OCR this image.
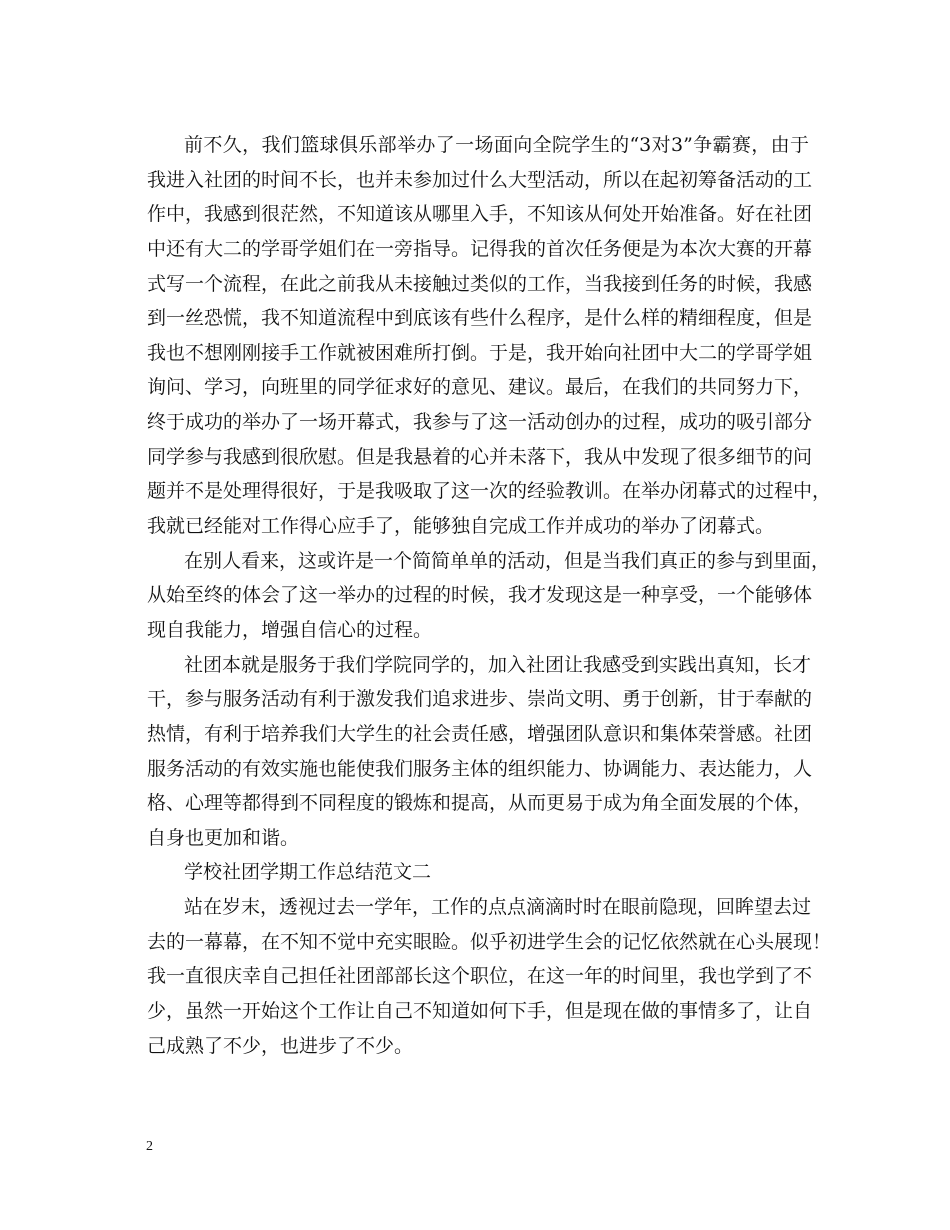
前不久，我们篮球俱乐部举办了一场面向全院学生的“3对3”争霸赛，由于
我进入社团的时间不长，也并未参加过什么大型活动，所以在起初筹备活动的工
作中，我感到很茫然，不知道该从哪里入手，不知该从何处开始准备。好在社团
中还有大二的学哥学姐们在一旁指导。记得我的首次任务便是为本次大赛的开幕
式写一个流程，在此之前我从未接触过类似的工作，当我接到任务的时候，我感
到一丝恐慌，我不知道流程中到底该有些什么程序，是什么样的精细程度，但是
我也不想刚刚接手工作就被困难所打倒。于是，我开始向社团中大二的学哥学姐
询问、学习，向班里的同学征求好的意见、建议。最后，在我们的共同努力下，
终于成功的举办了一场开幕式，我参与了这一活动创办的过程，成功的吸引部分
同学参与我感到很欣慰。但是我悬着的心并未落下，我从中发现了很多细节的问
题并不是处理得很好，于是我吸取了这一次的经验教训。在举办闭幕式的过程中，
我就已经能对工作得心应手了，能够独自完成工作并成功的举办了闭幕式。
在别人看来，这或许是一个简简单单的活动，但是当我们真正的参与到里面，
从始至终的体会了这一举办的过程的时候，我才发现这是一种享受，一个能够体
现自我能力，增强自信心的过程。
社团本就是服务于我们学院同学的，加入社团让我感受到实践出真知，长才
干，参与服务活动有利于激发我们追求进步、崇尚文明、勇于创新，甘于奉献的
热情，有利于培养我们大学生的社会责任感，增强团队意识和集体荣誉感。社团
服务活动的有效实施也能使我们服务主体的组织能力、协调能力、表达能力，人
格、心理等都得到不同程度的锻炼和提高，从而更易于成为角全面发展的个体，
自身也更加和谐。
学校社团学期工作总结范文二
站在岁末，透视过去一学年，工作的点点滴滴时时在眼前隐现，回眸望去过
去的一幕幕，在不知不觉中充实眼睑。似乎初进学生会的记忆依然就在心头展现！
我一直很庆幸自己担任社团部部长这个职位，在这一年的时间里，我也学到了不
少，虽然一开始这个工作让自己不知道如何下手，但是现在做的事情多了，让自
己成熟了不少，也进步了不少。
2
